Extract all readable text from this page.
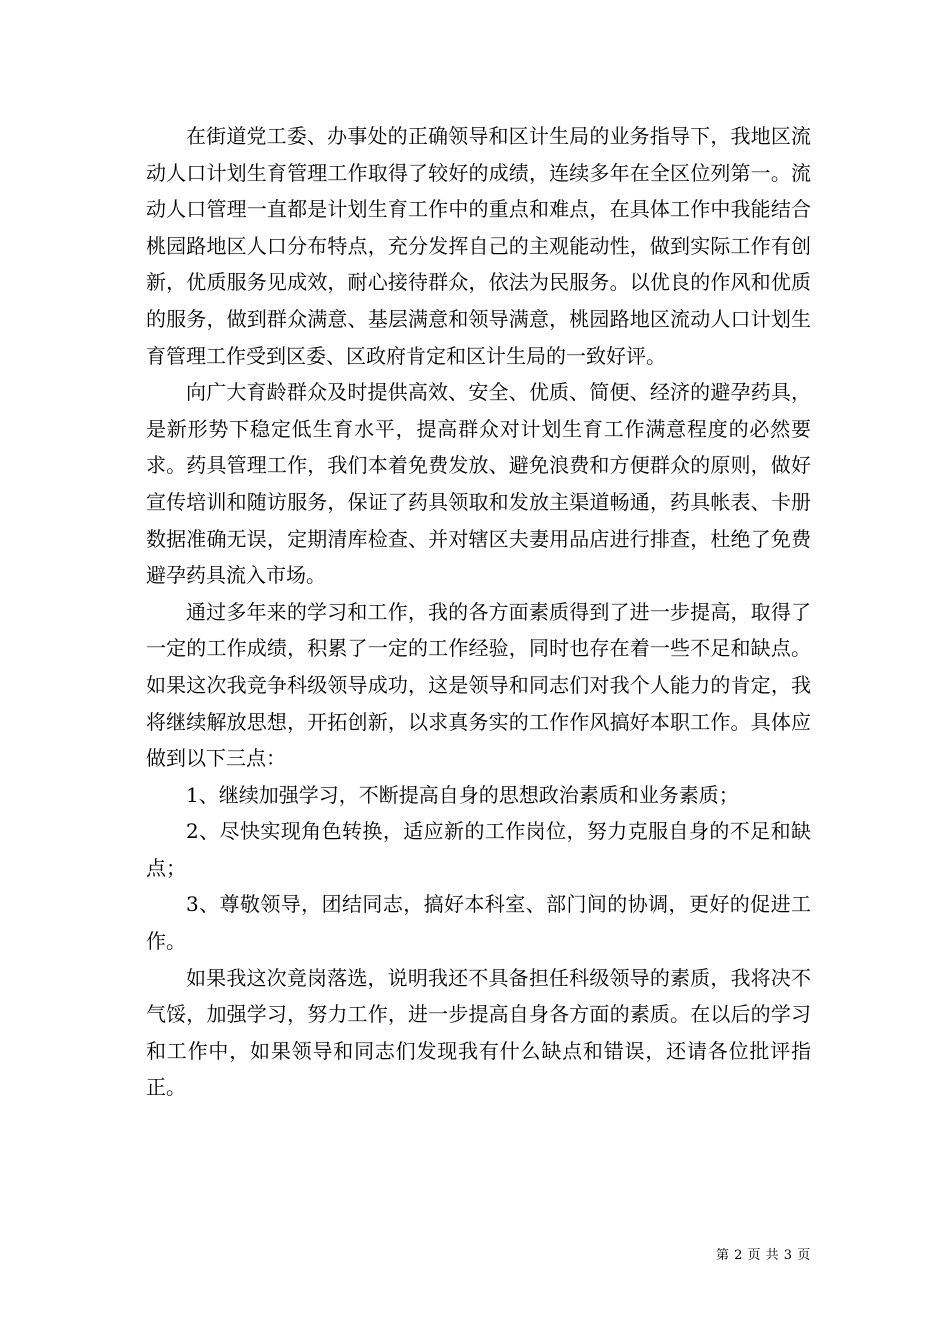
在街道党工委、办事处的正确领导和区计生局的业务指导下，我地区流动人口计划生育管理工作取得了较好的成绩，连续多年在全区位列第一。流动人口管理一直都是计划生育工作中的重点和难点，在具体工作中我能结合桃园路地区人口分布特点，充分发挥自己的主观能动性，做到实际工作有创新，优质服务见成效，耐心接待群众，依法为民服务。以优良的作风和优质的服务，做到群众满意、基层满意和领导满意，桃园路地区流动人口计划生育管理工作受到区委、区政府肯定和区计生局的一致好评。

向广大育龄群众及时提供高效、安全、优质、简便、经济的避孕药具，是新形势下稳定低生育水平，提高群众对计划生育工作满意程度的必然要求。药具管理工作，我们本着免费发放、避免浪费和方便群众的原则，做好宣传培训和随访服务，保证了药具领取和发放主渠道畅通，药具帐表、卡册数据准确无误，定期清库检查、并对辖区夫妻用品店进行排查，杜绝了免费避孕药具流入市场。

通过多年来的学习和工作，我的各方面素质得到了进一步提高，取得了一定的工作成绩，积累了一定的工作经验，同时也存在着一些不足和缺点。如果这次我竞争科级领导成功，这是领导和同志们对我个人能力的肯定，我将继续解放思想，开拓创新，以求真务实的工作作风搞好本职工作。具体应做到以下三点：

1、继续加强学习，不断提高自身的思想政治素质和业务素质；

2、尽快实现角色转换，适应新的工作岗位，努力克服自身的不足和缺点；

3、尊敬领导，团结同志，搞好本科室、部门间的协调，更好的促进工作。

如果我这次竟岗落选，说明我还不具备担任科级领导的素质，我将决不气馁，加强学习，努力工作，进一步提高自身各方面的素质。在以后的学习和工作中，如果领导和同志们发现我有什么缺点和错误，还请各位批评指正。

第 2 页 共 3 页
